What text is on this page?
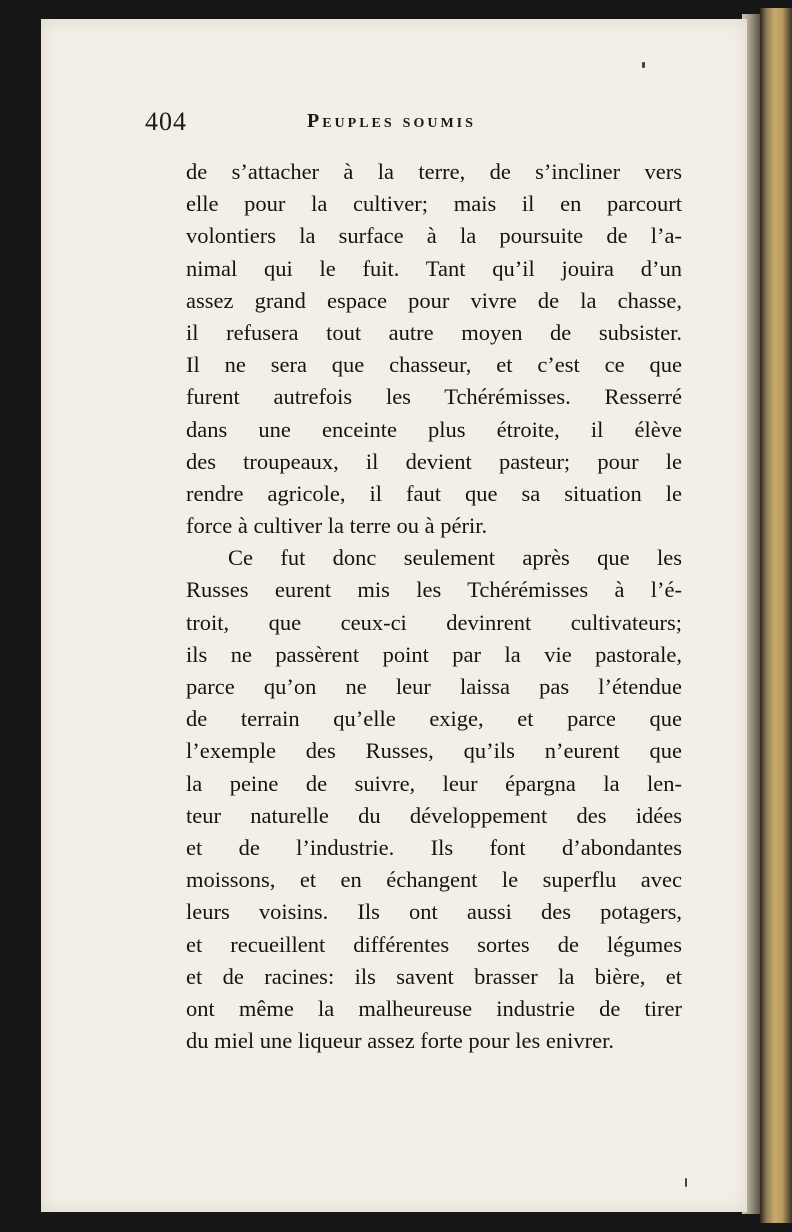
404	Peuples soumis
de s’attacher à la terre, de s’incliner vers
elle pour la cultiver; mais il en parcourt
volontiers la surface à la poursuite de l’a-
nimal qui le fuit. Tant qu’il jouira d’un
assez grand espace pour vivre de la chasse,
il refusera tout autre moyen de subsister.
Il ne sera que chasseur, et c’est ce que
furent autrefois les Tchérémisses. Resserré
dans une enceinte plus étroite, il élève
des troupeaux, il devient pasteur; pour le
rendre agricole, il faut que sa situation le
force à cultiver la terre ou à périr.
Ce fut donc seulement après que les
Russes eurent mis les Tchérémisses à l’é-
troit, que ceux-ci devinrent cultivateurs;
ils ne passèrent point par la vie pastorale,
parce qu’on ne leur laissa pas l’étendue
de terrain qu’elle exige, et parce que
l’exemple des Russes, qu’ils n’eurent que
la peine de suivre, leur épargna la len-
teur naturelle du développement des idées
et de l’industrie. Ils font d’abondantes
moissons, et en échangent le superflu avec
leurs voisins. Ils ont aussi des potagers,
et recueillent différentes sortes de légumes
et de racines: ils savent brasser la bière, et
ont même la malheureuse industrie de tirer
du miel une liqueur assez forte pour les enivrer.
